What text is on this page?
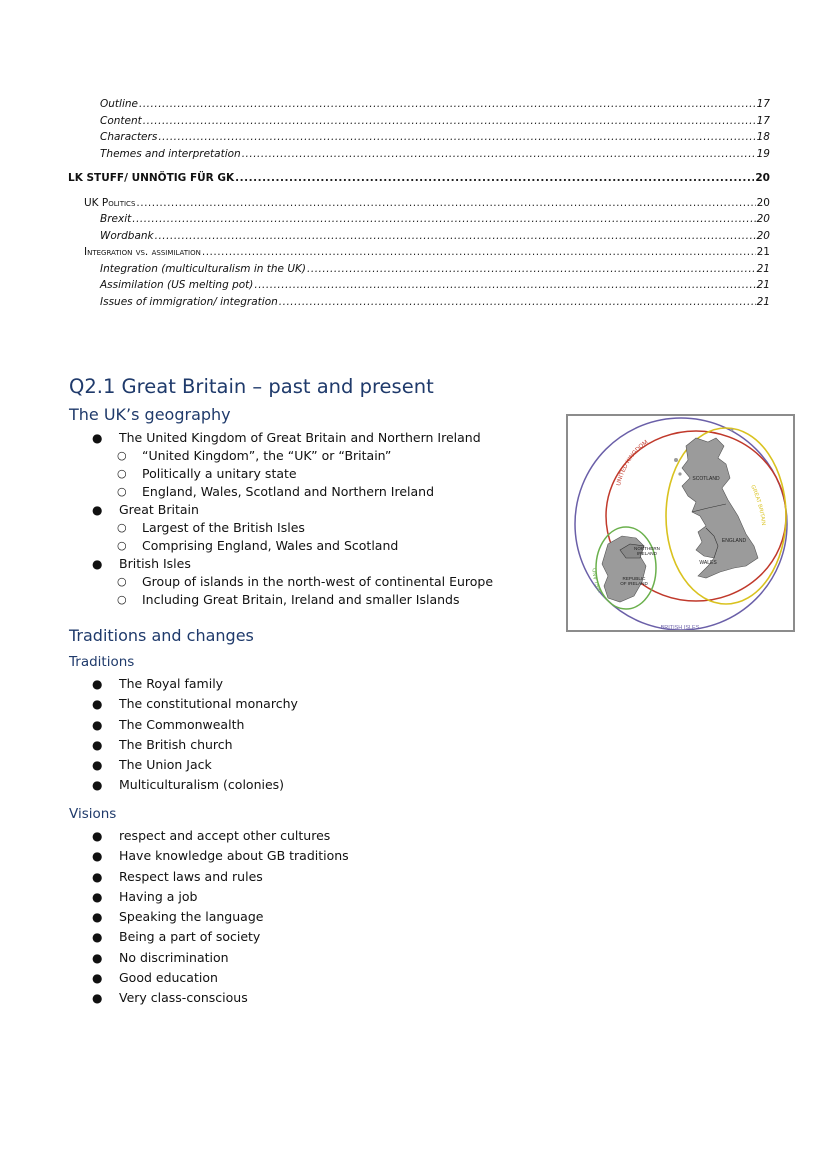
Outline .....	17
Content .....	17
Characters .....	18
Themes and interpretation .....	19
LK STUFF/ UNNÖTIG FÜR GK .....	20
UK Politics .....	20
Brexit .....	20
Wordbank .....	20
Integration vs. assimilation .....	21
Integration (multiculturalism in the UK) .....	21
Assimilation (US melting pot) .....	21
Issues of immigration/ integration .....	21
Q2.1 Great Britain – past and present
The UK’s geography
● The United Kingdom of Great Britain and Northern Ireland
○ “United Kingdom”, the “UK” or “Britain”
○ Politically a unitary state
○ England, Wales, Scotland and Northern Ireland
● Great Britain
○ Largest of the British Isles
○ Comprising England, Wales and Scotland
● British Isles
○ Group of islands in the north-west of continental Europe
○ Including Great Britain, Ireland and smaller Islands
Traditions and changes
Traditions
● The Royal family
● The constitutional monarchy
● The Commonwealth
● The British church
● The Union Jack
● Multiculturalism (colonies)
Visions
● respect and accept other cultures
● Have knowledge about GB traditions
● Respect laws and rules
● Having a job
● Speaking the language
● Being a part of society
● No discrimination
● Good education
● Very class-conscious
UNITED KINGDOM
GREAT BRITAIN
IRELAND
BRITISH ISLES
SCOTLAND
ENGLAND
WALES
NORTHERN
IRELAND
REPUBLIC
OF IRELAND
